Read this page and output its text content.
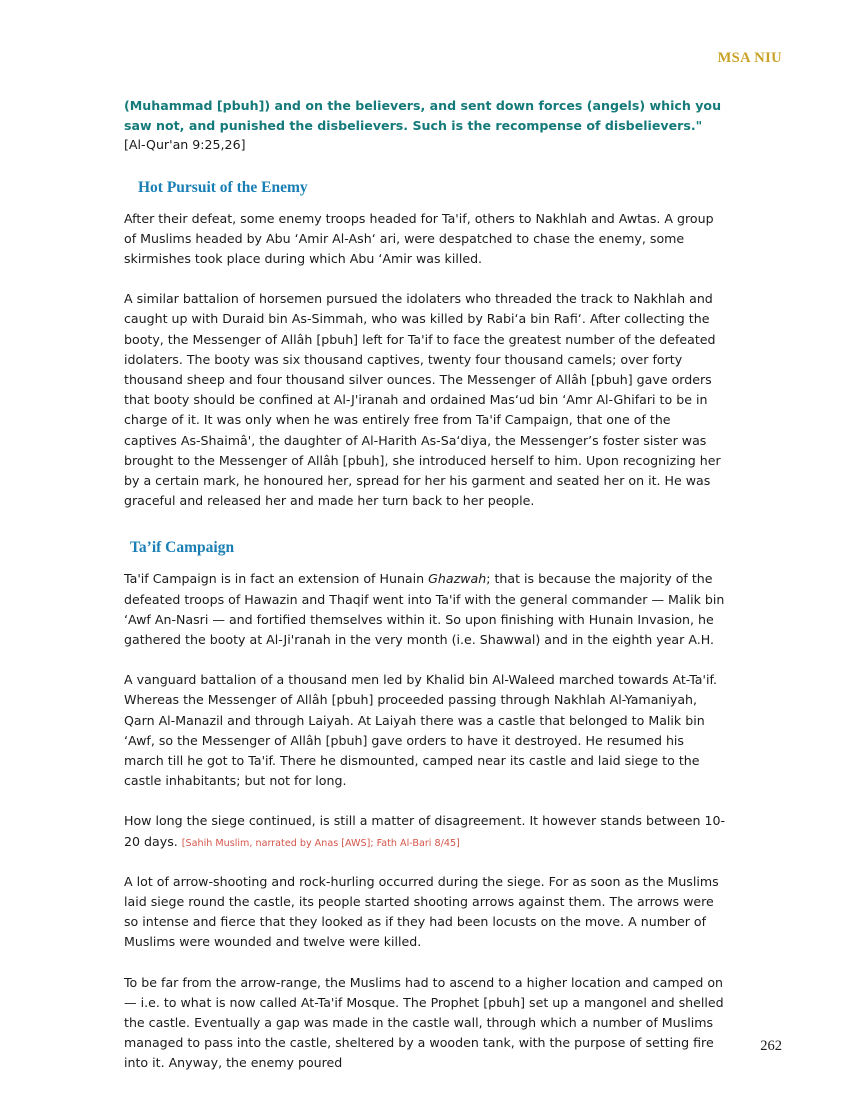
MSA NIU

(Muhammad [pbuh]) and on the believers, and sent down forces (angels) which you saw not, and punished the disbelievers. Such is the recompense of disbelievers." [Al-Qur'an 9:25,26]

Hot Pursuit of the Enemy

After their defeat, some enemy troops headed for Ta'if, others to Nakhlah and Awtas. A group of Muslims headed by Abu ‘Amir Al-Ash‘ ari, were despatched to chase the enemy, some skirmishes took place during which Abu ‘Amir was killed.

A similar battalion of horsemen pursued the idolaters who threaded the track to Nakhlah and caught up with Duraid bin As-Simmah, who was killed by Rabi‘a bin Rafi‘. After collecting the booty, the Messenger of Allâh [pbuh] left for Ta'if to face the greatest number of the defeated idolaters. The booty was six thousand captives, twenty four thousand camels; over forty thousand sheep and four thousand silver ounces. The Messenger of Allâh [pbuh] gave orders that booty should be confined at Al-J'iranah and ordained Mas‘ud bin ‘Amr Al-Ghifari to be in charge of it. It was only when he was entirely free from Ta'if Campaign, that one of the captives As-Shaimâ', the daughter of Al-Harith As-Sa‘diya, the Messenger’s foster sister was brought to the Messenger of Allâh [pbuh], she introduced herself to him. Upon recognizing her by a certain mark, he honoured her, spread for her his garment and seated her on it. He was graceful and released her and made her turn back to her people.

Ta’if Campaign

Ta'if Campaign is in fact an extension of Hunain Ghazwah; that is because the majority of the defeated troops of Hawazin and Thaqif went into Ta'if with the general commander — Malik bin ‘Awf An-Nasri — and fortified themselves within it. So upon finishing with Hunain Invasion, he gathered the booty at Al-Ji'ranah in the very month (i.e. Shawwal) and in the eighth year A.H.

A vanguard battalion of a thousand men led by Khalid bin Al-Waleed marched towards At-Ta'if. Whereas the Messenger of Allâh [pbuh] proceeded passing through Nakhlah Al-Yamaniyah, Qarn Al-Manazil and through Laiyah. At Laiyah there was a castle that belonged to Malik bin ‘Awf, so the Messenger of Allâh [pbuh] gave orders to have it destroyed. He resumed his march till he got to Ta'if. There he dismounted, camped near its castle and laid siege to the castle inhabitants; but not for long.

How long the siege continued, is still a matter of disagreement. It however stands between 10-20 days. [Sahih Muslim, narrated by Anas [AWS]; Fath Al-Bari 8/45]

A lot of arrow-shooting and rock-hurling occurred during the siege. For as soon as the Muslims laid siege round the castle, its people started shooting arrows against them. The arrows were so intense and fierce that they looked as if they had been locusts on the move. A number of Muslims were wounded and twelve were killed.

To be far from the arrow-range, the Muslims had to ascend to a higher location and camped on — i.e. to what is now called At-Ta'if Mosque. The Prophet [pbuh] set up a mangonel and shelled the castle. Eventually a gap was made in the castle wall, through which a number of Muslims managed to pass into the castle, sheltered by a wooden tank, with the purpose of setting fire into it. Anyway, the enemy poured

262
